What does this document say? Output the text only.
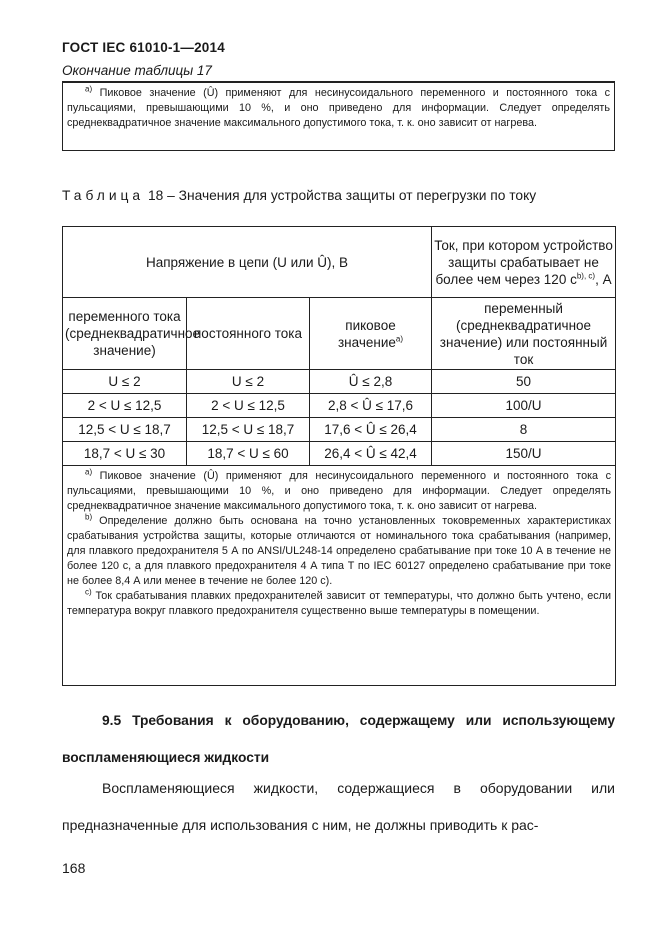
ГОСТ IEC 61010-1—2014
Окончание таблицы 17
$^{a)}$ Пиковое значение (Û) применяют для несинусоидального переменного и постоянного тока с пульсациями, превышающими 10 %, и оно приведено для информации. Следует определять среднеквадратичное значение максимального допустимого тока, т. к. оно зависит от нагрева.
Таблица 18 – Значения для устройства защиты от перегрузки по току
Напряжение в цепи (U или Û), В			Ток, при котором устройство защиты срабатывает не более чем через 120 $с^{b), c)}$, А
переменного тока (среднеквадратичное значение)	постоянного тока	пиковое значение$^{a)}$	переменный (среднеквадратичное значение) или постоянный ток
U ≤ 2	U ≤ 2	Û ≤ 2,8	50
2 < U ≤ 12,5	2 < U ≤ 12,5	2,8 < Û ≤ 17,6	100/U
12,5 < U ≤ 18,7	12,5 < U ≤ 18,7	17,6 < Û ≤ 26,4	8
18,7 < U ≤ 30	18,7 < U ≤ 60	26,4 < Û ≤ 42,4	150/U

$^{a)}$ Пиковое значение (Û) применяют для несинусоидального переменного и постоянного тока с пульсациями, превышающими 10 %, и оно приведено для информации. Следует определять среднеквадратичное значение максимального допустимого тока, т. к. оно зависит от нагрева.
$^{b)}$ Определение должно быть основана на точно установленных токовременных характеристиках срабатывания устройства защиты, которые отличаются от номинального тока срабатывания (например, для плавкого предохранителя 5 А по ANSI/UL248-14 определено срабатывание при токе 10 А в течение не более 120 с, а для плавкого предохранителя 4 А типа T по IEC 60127 определено срабатывание при токе не более 8,4 А или менее в течение не более 120 с).
$^{c)}$ Ток срабатывания плавких предохранителей зависит от температуры, что должно быть учтено, если температура вокруг плавкого предохранителя существенно выше температуры в помещении.			
9.5 Требования к оборудованию, содержащему или использующему воспламеняющиеся жидкости
Воспламеняющиеся жидкости, содержащиеся в оборудовании или предназначенные для использования с ним, не должны приводить к рас-
168
